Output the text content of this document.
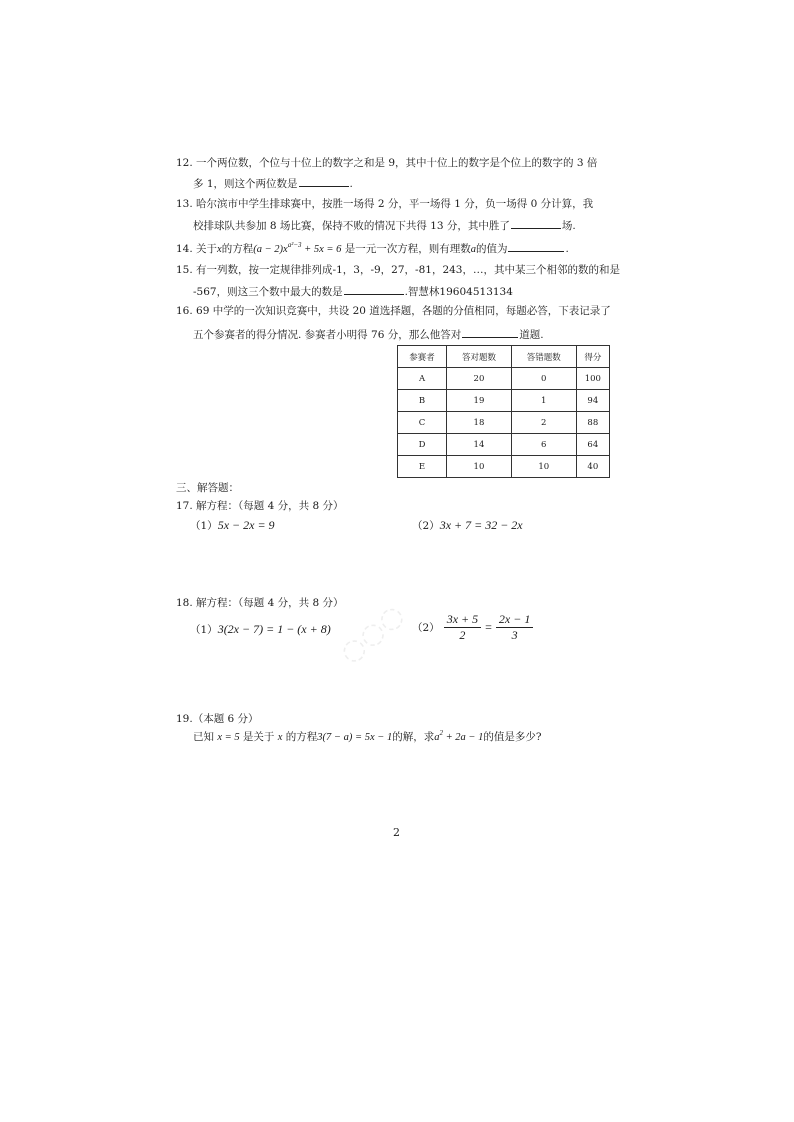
12. 一个两位数，个位与十位上的数字之和是 9，其中十位上的数字是个位上的数字的 3 倍
多 1，则这个两位数是	.
13. 哈尔滨市中学生排球赛中，按胜一场得 2 分，平一场得 1 分，负一场得 0 分计算，我
校排球队共参加 8 场比赛，保持不败的情况下共得 13 分，其中胜了	场.
14. 关于x的方程$(a - 2)x^{a^2-3} + 5x = 6$ 是一元一次方程，则有理数a的值为	.
15. 有一列数，按一定规律排列成-1，3，-9，27，-81，243，…，其中某三个相邻的数的和是
-567，则这三个数中最大的数是	.智慧林19604513134
16. 69 中学的一次知识竞赛中，共设 20 道选择题，各题的分值相同，每题必答，下表记录了
五个参赛者的得分情况. 参赛者小明得 76 分，那么他答对	道题.
参赛者	答对题数	答错题数	得分
A	20	0	100
B	19	1	94
C	18	2	88
D	14	6	64
E	10	10	40
三、解答题：
17. 解方程：（每题 4 分，共 8 分）
（1）5x − 2x = 9	（2）3x + 7 = 32 − 2x
18. 解方程：（每题 4 分，共 8 分）
（1）3(2x − 7) = 1 − (x + 8)	$(2) \frac{3x + 5}{2} = \frac{2x - 1}{3}$
◌◌◌
19.（本题 6 分）
已知 x = 5 是关于 x 的方程3(7 − a) = 5x − 1的解，求$a^2 + 2a - 1$的值是多少?
2
